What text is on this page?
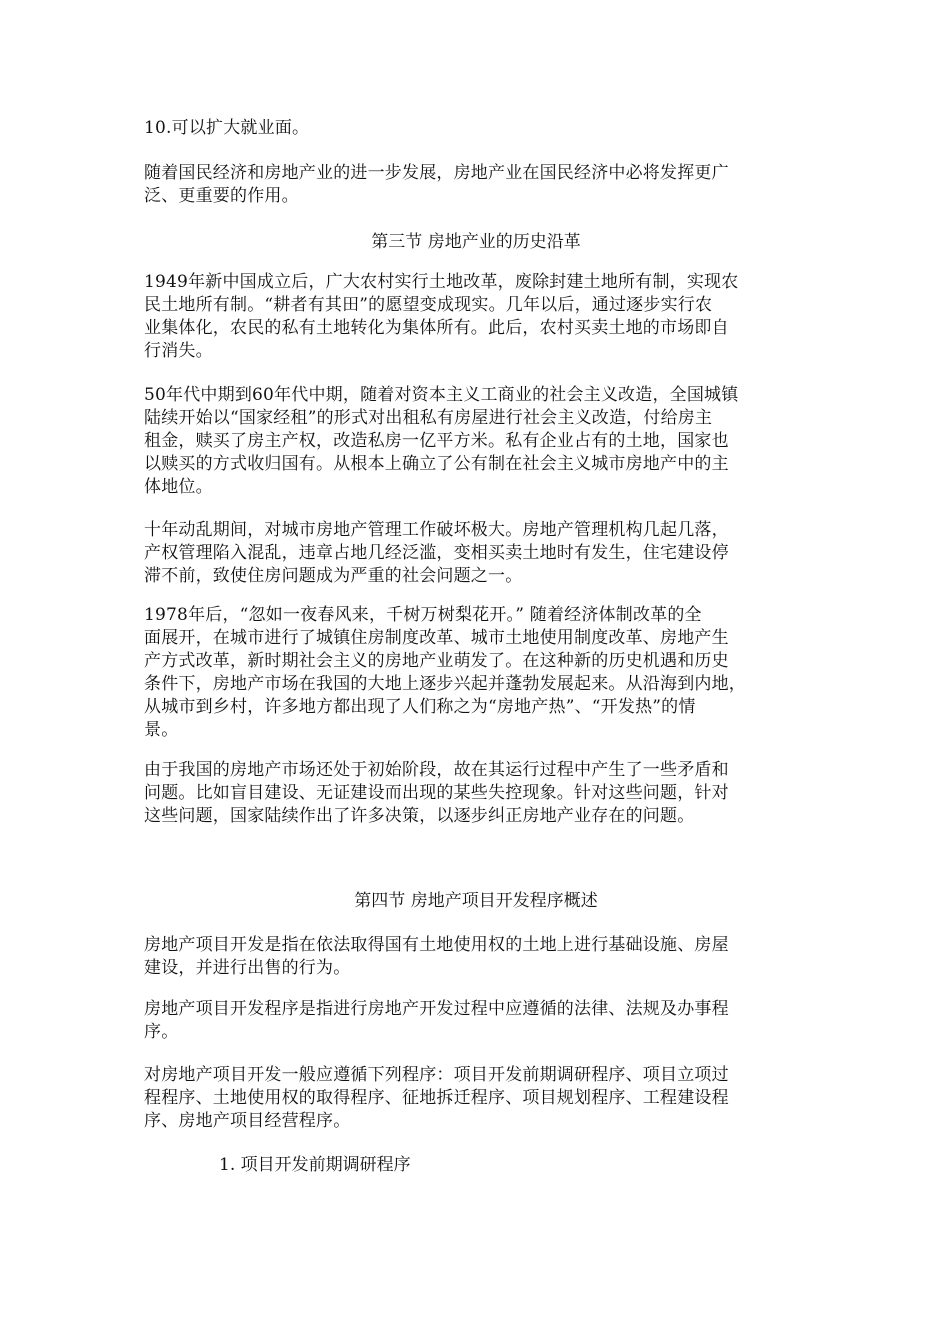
10.可以扩大就业面。

随着国民经济和房地产业的进一步发展，房地产业在国民经济中必将发挥更广
泛、更重要的作用。

第三节 房地产业的历史沿革

1949年新中国成立后，广大农村实行土地改革，废除封建土地所有制，实现农
民土地所有制。“耕者有其田”的愿望变成现实。几年以后，通过逐步实行农
业集体化，农民的私有土地转化为集体所有。此后，农村买卖土地的市场即自
行消失。

50年代中期到60年代中期，随着对资本主义工商业的社会主义改造，全国城镇
陆续开始以“国家经租”的形式对出租私有房屋进行社会主义改造，付给房主
租金，赎买了房主产权，改造私房一亿平方米。私有企业占有的土地，国家也
以赎买的方式收归国有。从根本上确立了公有制在社会主义城市房地产中的主
体地位。

十年动乱期间，对城市房地产管理工作破坏极大。房地产管理机构几起几落，
产权管理陷入混乱，违章占地几经泛滥，变相买卖土地时有发生，住宅建设停
滞不前，致使住房问题成为严重的社会问题之一。

1978年后，“忽如一夜春风来，千树万树梨花开。” 随着经济体制改革的全
面展开，在城市进行了城镇住房制度改革、城市土地使用制度改革、房地产生
产方式改革，新时期社会主义的房地产业萌发了。在这种新的历史机遇和历史
条件下，房地产市场在我国的大地上逐步兴起并蓬勃发展起来。从沿海到内地，
从城市到乡村，许多地方都出现了人们称之为“房地产热”、“开发热”的情
景。

由于我国的房地产市场还处于初始阶段，故在其运行过程中产生了一些矛盾和
问题。比如盲目建设、无证建设而出现的某些失控现象。针对这些问题，针对
这些问题，国家陆续作出了许多决策，以逐步纠正房地产业存在的问题。

第四节 房地产项目开发程序概述

房地产项目开发是指在依法取得国有土地使用权的土地上进行基础设施、房屋
建设，并进行出售的行为。

房地产项目开发程序是指进行房地产开发过程中应遵循的法律、法规及办事程
序。

对房地产项目开发一般应遵循下列程序：项目开发前期调研程序、项目立项过
程程序、土地使用权的取得程序、征地拆迁程序、项目规划程序、工程建设程
序、房地产项目经营程序。

1. 项目开发前期调研程序
